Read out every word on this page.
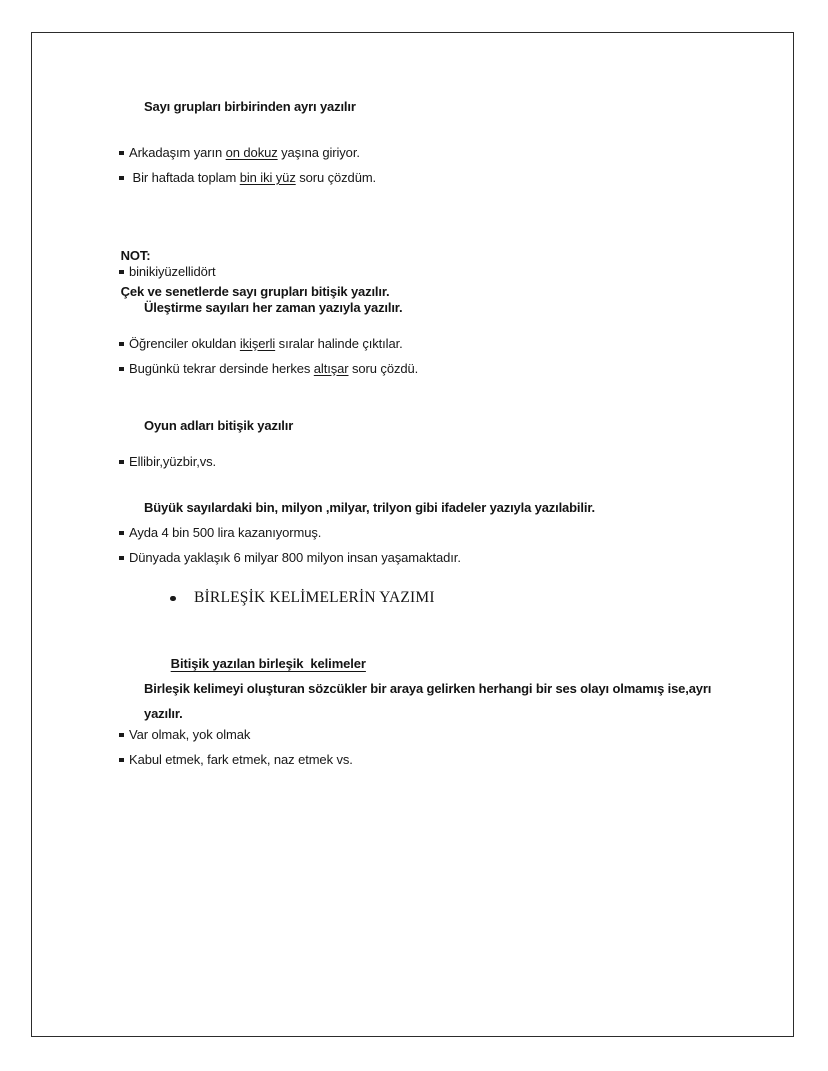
Sayı grupları birbirinden ayrı yazılır
Arkadaşım yarın on dokuz yaşına giriyor.
Bir haftada toplam bin iki yüz soru çözdüm.

NOT:

Çek ve senetlerde sayı grupları bitişik yazılır.

binikiyüzellidört
Üleştirme sayıları her zaman yazıyla yazılır.
Öğrenciler okuldan ikişerli sıralar halinde çıktılar.
Bugünkü tekrar dersinde herkes altışar soru çözdü.
Oyun adları bitişik yazılır
Ellibir,yüzbir,vs.
Büyük sayılardaki bin, milyon ,milyar, trilyon gibi ifadeler yazıyla yazılabilir.
Ayda 4 bin 500 lira kazanıyormuş.
Dünyada yaklaşık 6 milyar 800 milyon insan yaşamaktadır.
BİRLEŞİK KELİMELERİN YAZIMI

Bitişik yazılan birleşik  kelimeler

Birleşik kelimeyi oluşturan sözcükler bir araya gelirken herhangi bir ses olayı olmamış ise,ayrı yazılır.
Var olmak, yok olmak
Kabul etmek, fark etmek, naz etmek vs.
